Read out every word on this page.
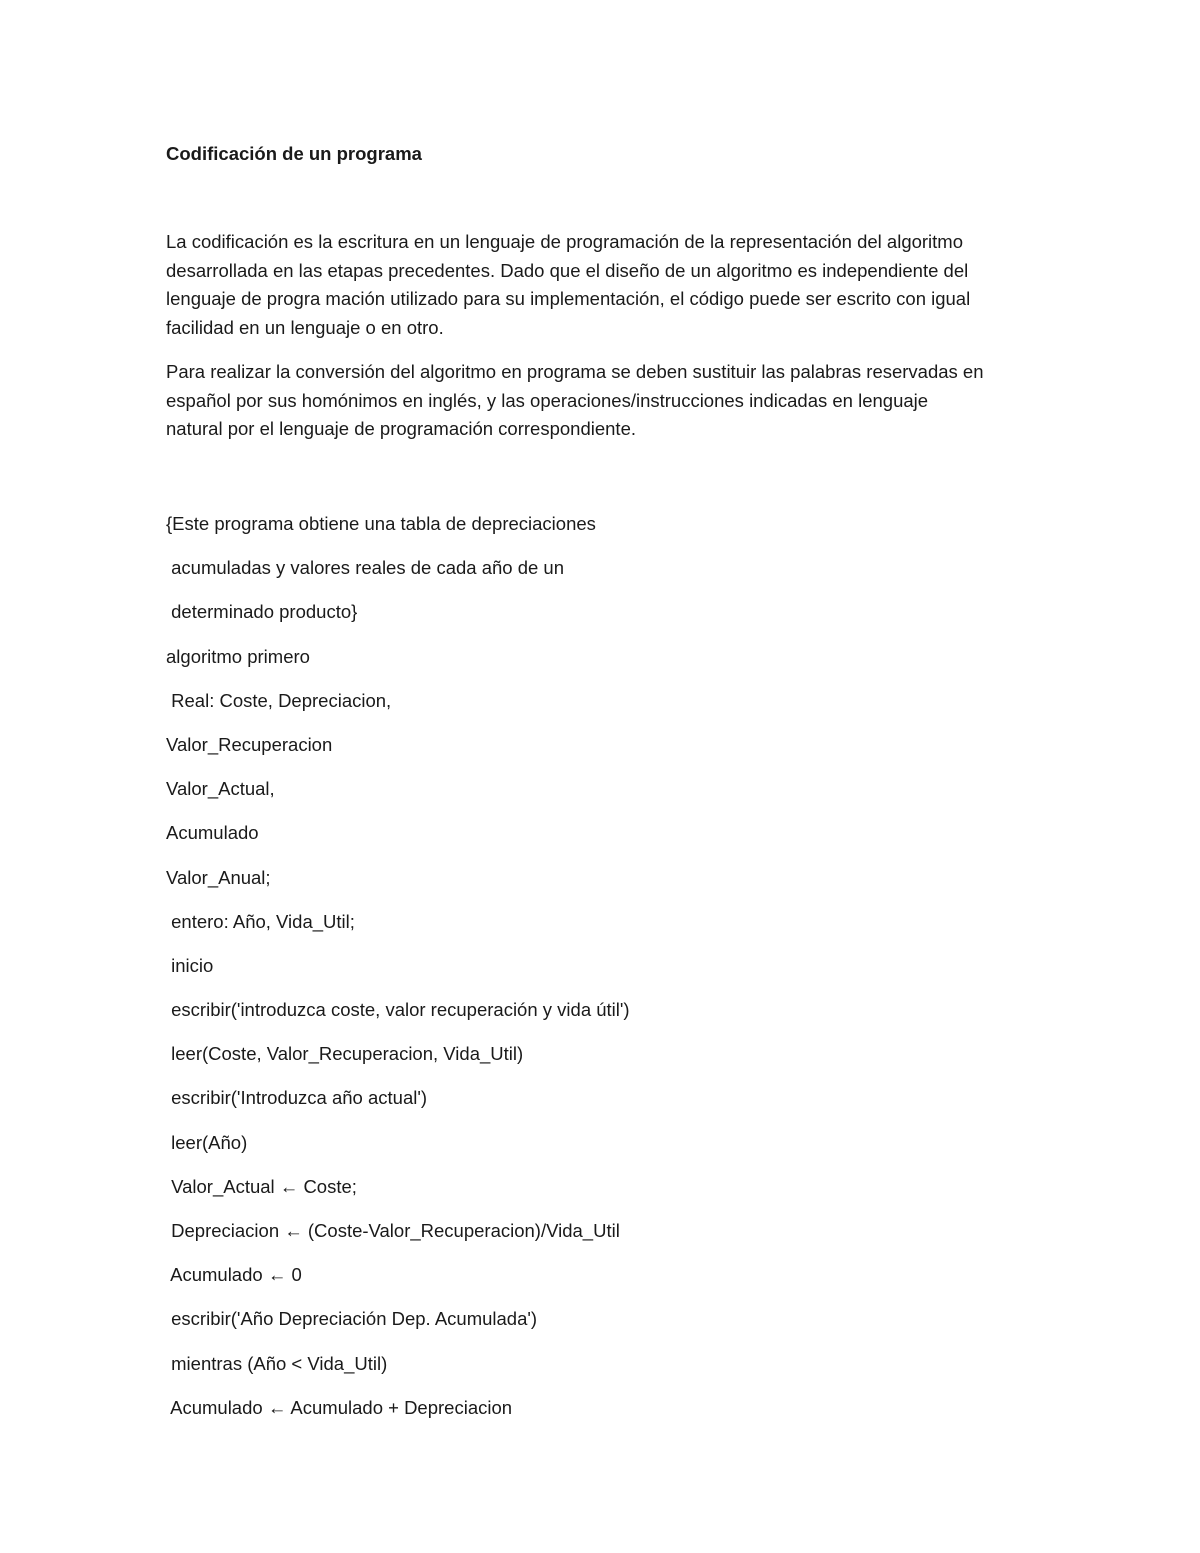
Codificación de un programa
La codificación es la escritura en un lenguaje de programación de la representación del algoritmo
desarrollada en las etapas precedentes. Dado que el diseño de un algoritmo es independiente del
lenguaje de progra mación utilizado para su implementación, el código puede ser escrito con igual
facilidad en un lenguaje o en otro.
Para realizar la conversión del algoritmo en programa se deben sustituir las palabras reservadas en
español por sus homónimos en inglés, y las operaciones/instrucciones indicadas en lenguaje
natural por el lenguaje de programación correspondiente.
{Este programa obtiene una tabla de depreciaciones
acumuladas y valores reales de cada año de un
determinado producto}
algoritmo primero
Real: Coste, Depreciacion,
Valor_Recuperacion
Valor_Actual,
Acumulado
Valor_Anual;
entero: Año, Vida_Util;
inicio
escribir('introduzca coste, valor recuperación y vida útil')
leer(Coste, Valor_Recuperacion, Vida_Util)
escribir('Introduzca año actual')
leer(Año)
Valor_Actual ← Coste;
Depreciacion ← (Coste-Valor_Recuperacion)/Vida_Util
Acumulado ← 0
escribir('Año Depreciación Dep. Acumulada')
mientras (Año < Vida_Util)
Acumulado ← Acumulado + Depreciacion
